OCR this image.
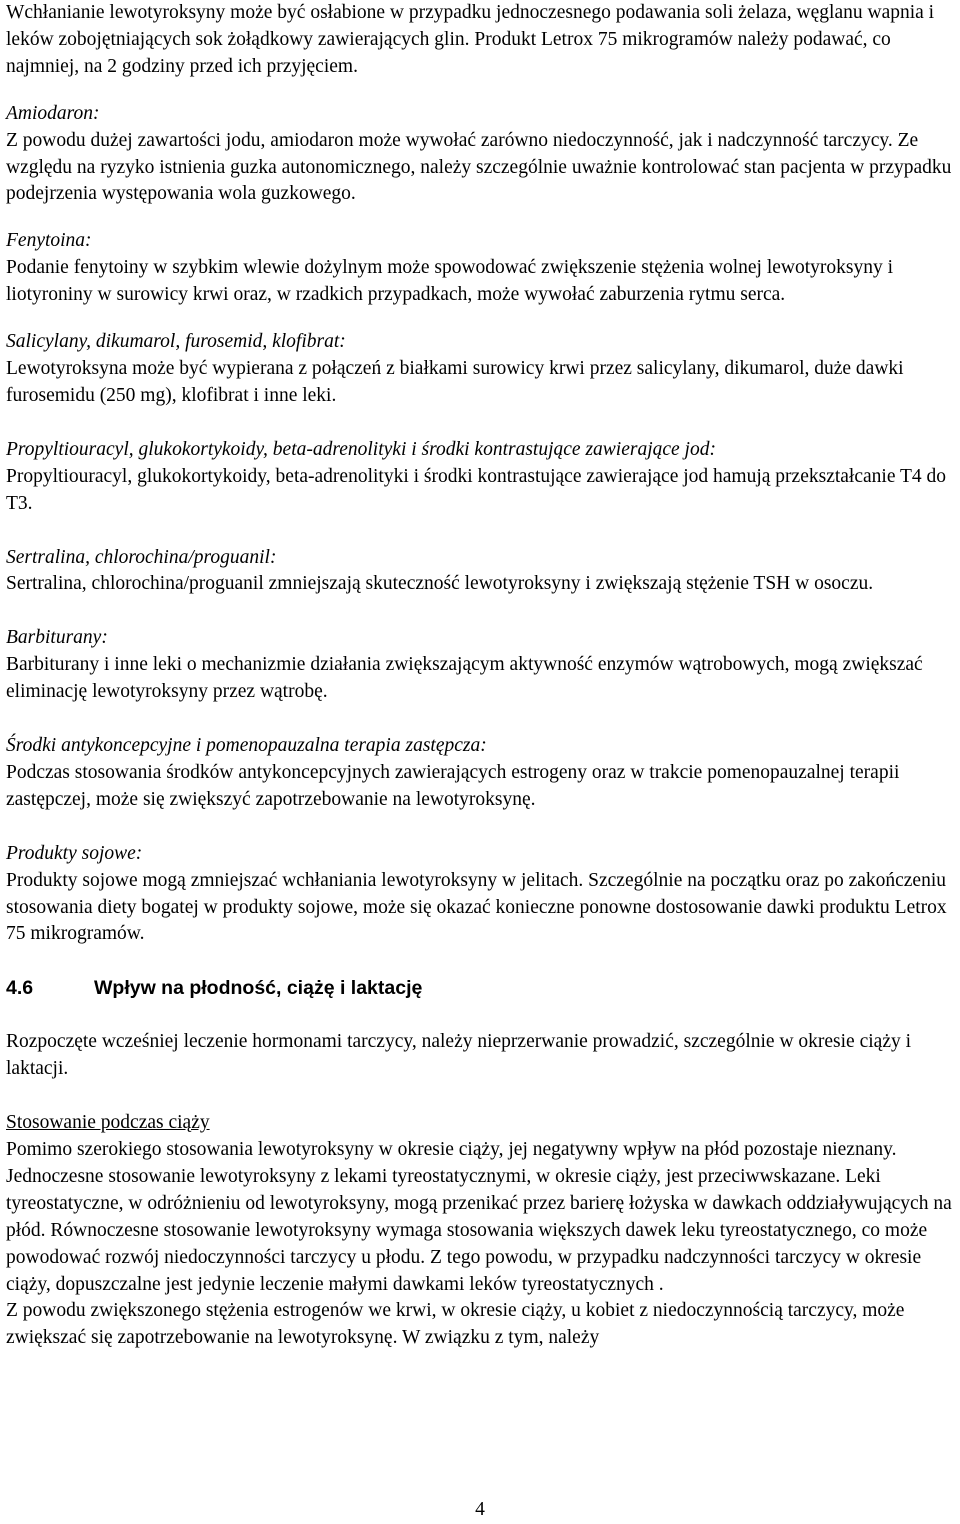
Wchłanianie lewotyroksyny może być osłabione w przypadku jednoczesnego podawania soli żelaza, węglanu wapnia i leków zobojętniających sok żołądkowy zawierających glin. Produkt Letrox 75 mikrogramów należy podawać, co najmniej, na 2 godziny przed ich przyjęciem.

Amiodaron:

Z powodu dużej zawartości jodu, amiodaron może wywołać zarówno niedoczynność, jak i nadczynność tarczycy. Ze względu na ryzyko istnienia guzka autonomicznego, należy szczególnie uważnie kontrolować stan pacjenta w przypadku podejrzenia występowania wola guzkowego.

Fenytoina:

Podanie fenytoiny w szybkim wlewie dożylnym może spowodować zwiększenie stężenia wolnej lewotyroksyny i liotyroniny w surowicy krwi oraz, w rzadkich przypadkach, może wywołać zaburzenia rytmu serca.

Salicylany, dikumarol, furosemid, klofibrat:

Lewotyroksyna może być wypierana z połączeń z białkami surowicy krwi przez salicylany, dikumarol, duże dawki furosemidu (250 mg), klofibrat i inne leki.

Propyltiouracyl, glukokortykoidy, beta-adrenolityki i środki kontrastujące zawierające jod:

Propyltiouracyl, glukokortykoidy, beta-adrenolityki i środki kontrastujące zawierające jod hamują przekształcanie T4 do T3.

Sertralina, chlorochina/proguanil:

Sertralina, chlorochina/proguanil zmniejszają skuteczność lewotyroksyny i zwiększają stężenie TSH w osoczu.

Barbiturany:

Barbiturany i inne leki o mechanizmie działania zwiększającym aktywność enzymów wątrobowych, mogą zwiększać eliminację lewotyroksyny przez wątrobę.

Środki antykoncepcyjne i pomenopauzalna terapia zastępcza:

Podczas stosowania środków antykoncepcyjnych zawierających estrogeny oraz w trakcie pomenopauzalnej terapii zastępczej, może się zwiększyć zapotrzebowanie na lewotyroksynę.

Produkty sojowe:

Produkty sojowe mogą zmniejszać wchłaniania lewotyroksyny w jelitach. Szczególnie na początku oraz po zakończeniu stosowania diety bogatej w produkty sojowe, może się okazać konieczne ponowne dostosowanie dawki produktu Letrox 75 mikrogramów.

4.6	Wpływ na płodność, ciążę i laktację

Rozpoczęte wcześniej leczenie hormonami tarczycy, należy nieprzerwanie prowadzić, szczególnie w okresie ciąży i laktacji.

Stosowanie podczas ciąży

Pomimo szerokiego stosowania lewotyroksyny w okresie ciąży, jej negatywny wpływ na płód pozostaje nieznany.

Jednoczesne stosowanie lewotyroksyny z lekami tyreostatycznymi, w okresie ciąży, jest przeciwwskazane. Leki tyreostatyczne, w odróżnieniu od lewotyroksyny, mogą przenikać przez barierę łożyska w dawkach oddziaływujących na płód. Równoczesne stosowanie lewotyroksyny wymaga stosowania większych dawek leku tyreostatycznego, co może powodować rozwój niedoczynności tarczycy u płodu. Z tego powodu, w przypadku nadczynności tarczycy w okresie ciąży, dopuszczalne jest jedynie leczenie małymi dawkami leków tyreostatycznych .

Z powodu zwiększonego stężenia estrogenów we krwi, w okresie ciąży, u kobiet z niedoczynnością tarczycy, może zwiększać się zapotrzebowanie na lewotyroksynę. W związku z tym, należy

4
